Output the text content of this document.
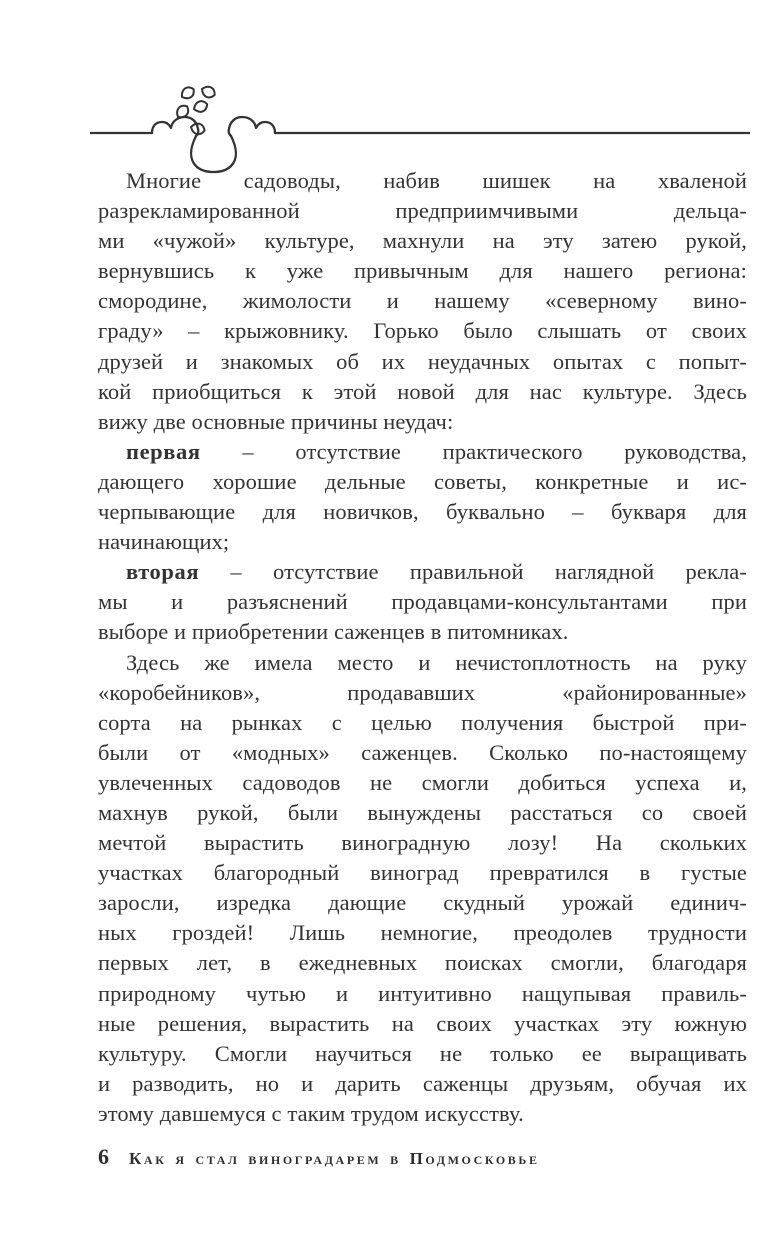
Многие садоводы, набив шишек на хваленой
разрекламированной предприимчивыми дельца-
ми «чужой» культуре, махнули на эту затею рукой,
вернувшись к уже привычным для нашего региона:
смородине, жимолости и нашему «северному вино-
граду» – крыжовнику. Горько было слышать от своих
друзей и знакомых об их неудачных опытах с попыт-
кой приобщиться к этой новой для нас культуре. Здесь
вижу две основные причины неудач:
первая – отсутствие практического руководства,
дающего хорошие дельные советы, конкретные и ис-
черпывающие для новичков, буквально – букваря для
начинающих;
вторая – отсутствие правильной наглядной рекла-
мы и разъяснений продавцами-консультантами при
выборе и приобретении саженцев в питомниках.
Здесь же имела место и нечистоплотность на руку
«коробейников», продававших «районированные»
сорта на рынках с целью получения быстрой при-
были от «модных» саженцев. Сколько по-настоящему
увлеченных садоводов не смогли добиться успеха и,
махнув рукой, были вынуждены расстаться со своей
мечтой вырастить виноградную лозу! На скольких
участках благородный виноград превратился в густые
заросли, изредка дающие скудный урожай единич-
ных гроздей! Лишь немногие, преодолев трудности
первых лет, в ежедневных поисках смогли, благодаря
природному чутью и интуитивно нащупывая правиль-
ные решения, вырастить на своих участках эту южную
культуру. Смогли научиться не только ее выращивать
и разводить, но и дарить саженцы друзьям, обучая их
этому давшемуся с таким трудом искусству.
6 Как я стал виноградарем в Подмосковье
